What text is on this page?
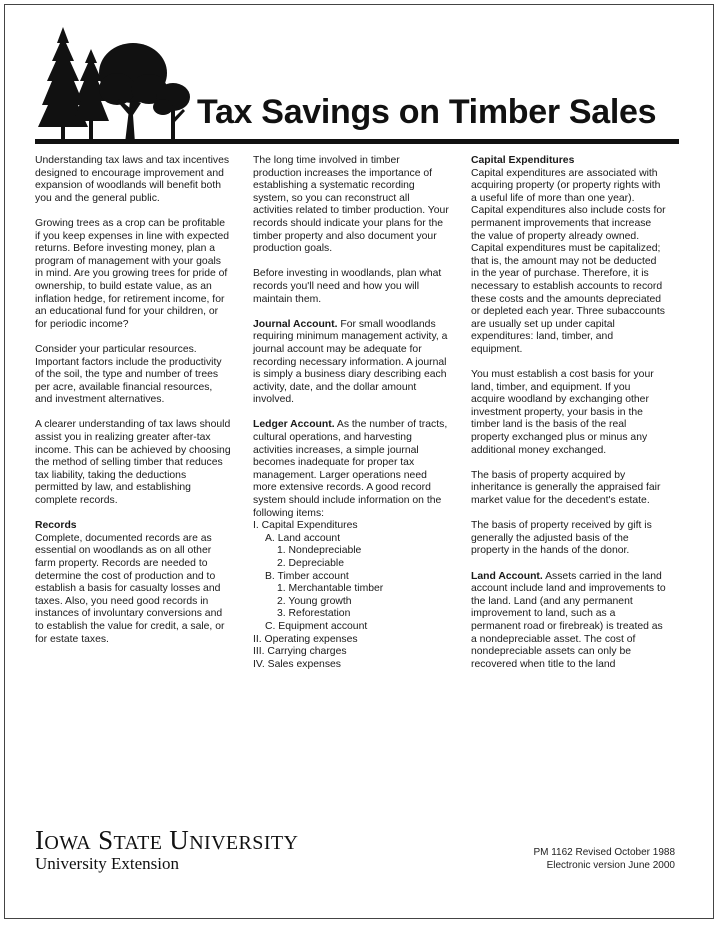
Tax Savings on Timber Sales

Understanding tax laws and tax incentives designed to encourage improvement and expansion of woodlands will benefit both you and the general public.

Growing trees as a crop can be profitable if you keep expenses in line with expected returns. Before investing money, plan a program of management with your goals in mind. Are you growing trees for pride of ownership, to build estate value, as an inflation hedge, for retirement income, for an educational fund for your children, or for periodic income?

Consider your particular resources. Important factors include the productivity of the soil, the type and number of trees per acre, available financial resources, and investment alternatives.

A clearer understanding of tax laws should assist you in realizing greater after-tax income. This can be achieved by choosing the method of selling timber that reduces tax liability, taking the deductions permitted by law, and establishing complete records.

Records

Complete, documented records are as essential on woodlands as on all other farm property. Records are needed to determine the cost of production and to establish a basis for casualty losses and taxes. Also, you need good records in instances of involuntary conversions and to establish the value for credit, a sale, or for estate taxes.

The long time involved in timber production increases the importance of establishing a systematic recording system, so you can reconstruct all activities related to timber production. Your records should indicate your plans for the timber property and also document your production goals.

Before investing in woodlands, plan what records you'll need and how you will maintain them.

Journal Account. For small woodlands requiring minimum management activity, a journal account may be adequate for recording necessary information. A journal is simply a business diary describing each activity, date, and the dollar amount involved.

Ledger Account. As the number of tracts, cultural operations, and harvesting activities increases, a simple journal becomes inadequate for proper tax management. Larger operations need more extensive records. A good record system should include information on the following items:

I. Capital Expenditures
A. Land account
1. Nondepreciable
2. Depreciable
B. Timber account
1. Merchantable timber
2. Young growth
3. Reforestation
C. Equipment account
II. Operating expenses
III. Carrying charges
IV. Sales expenses
Capital Expenditures

Capital expenditures are associated with acquiring property (or property rights with a useful life of more than one year). Capital expenditures also include costs for permanent improvements that increase the value of property already owned. Capital expenditures must be capitalized; that is, the amount may not be deducted in the year of purchase. Therefore, it is necessary to establish accounts to record these costs and the amounts depreciated or depleted each year. Three subaccounts are usually set up under capital expenditures: land, timber, and equipment.

You must establish a cost basis for your land, timber, and equipment. If you acquire woodland by exchanging other investment property, your basis in the timber land is the basis of the real property exchanged plus or minus any additional money exchanged.

The basis of property acquired by inheritance is generally the appraised fair market value for the decedent's estate.

The basis of property received by gift is generally the adjusted basis of the property in the hands of the donor.

Land Account. Assets carried in the land account include land and improvements to the land. Land (and any permanent improvement to land, such as a permanent road or firebreak) is treated as a nondepreciable asset. The cost of nondepreciable assets can only be recovered when title to the land

IOWA STATE UNIVERSITY
University Extension
PM 1162 Revised October 1988
Electronic version June 2000
